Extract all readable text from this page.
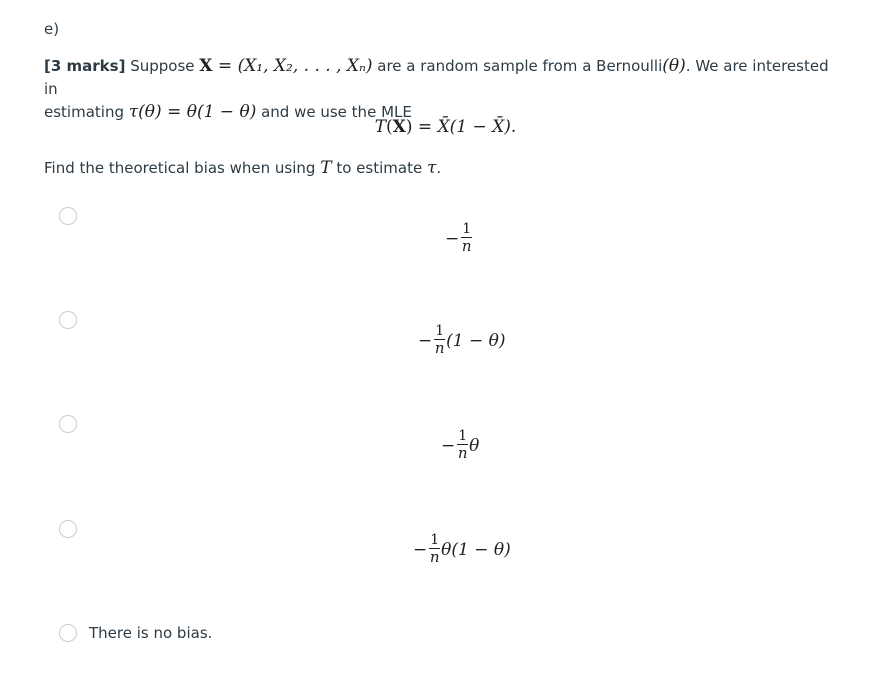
e)
[3 marks] Suppose X = (X₁, X₂, . . . , Xₙ) are a random sample from a Bernoulli(θ). We are interested in
estimating τ(θ) = θ(1 − θ) and we use the MLE
T(X) = X̄(1 − X̄).
Find the theoretical bias when using T to estimate τ.
− $\frac{1}{n}$
− $\frac{1}{n} (1 - \theta)$
− $\frac{1}{n}$ θ
− $\frac{1}{n} \theta(1 - \theta)$
There is no bias.
